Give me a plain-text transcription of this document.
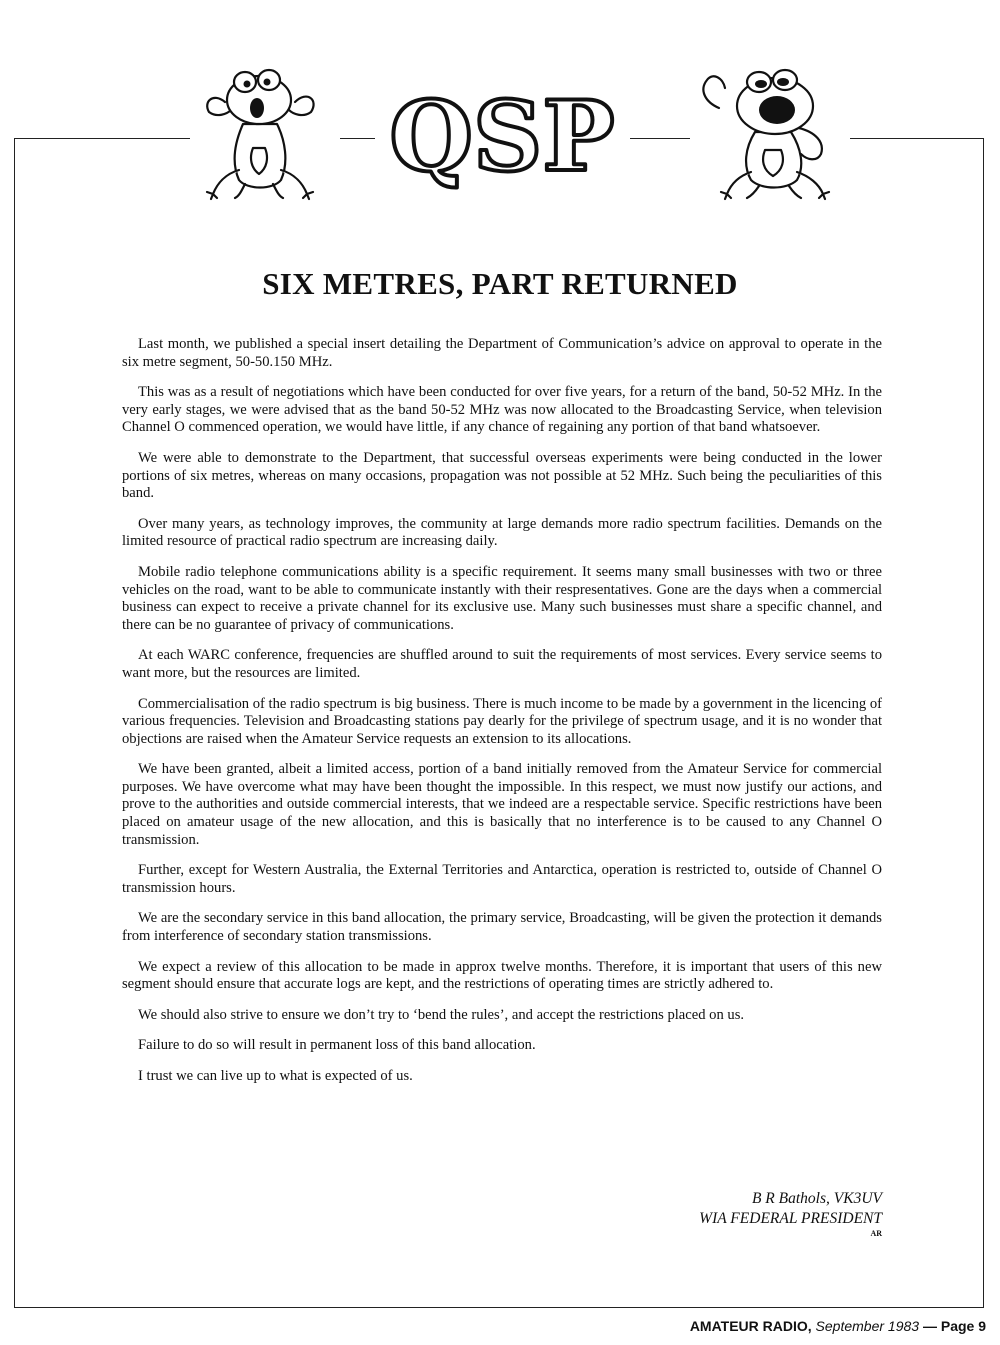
QSP
SIX METRES, PART RETURNED

Last month, we published a special insert detailing the Department of Communication’s advice on approval to operate in the six metre segment, 50-50.150 MHz.

This was as a result of negotiations which have been conducted for over five years, for a return of the band, 50-52 MHz. In the very early stages, we were advised that as the band 50-52 MHz was now allocated to the Broadcasting Service, when television Channel O commenced operation, we would have little, if any chance of regaining any portion of that band whatsoever.

We were able to demonstrate to the Department, that successful overseas experiments were being conducted in the lower portions of six metres, whereas on many occasions, propagation was not possible at 52 MHz. Such being the peculiarities of this band.

Over many years, as technology improves, the community at large demands more radio spectrum facilities. Demands on the limited resource of practical radio spectrum are increasing daily.

Mobile radio telephone communications ability is a specific requirement. It seems many small businesses with two or three vehicles on the road, want to be able to communicate instantly with their respresentatives. Gone are the days when a commercial business can expect to receive a private channel for its exclusive use. Many such businesses must share a specific channel, and there can be no guarantee of privacy of communications.

At each WARC conference, frequencies are shuffled around to suit the requirements of most services. Every service seems to want more, but the resources are limited.

Commercialisation of the radio spectrum is big business. There is much income to be made by a government in the licencing of various frequencies. Television and Broadcasting stations pay dearly for the privilege of spectrum usage, and it is no wonder that objections are raised when the Amateur Service requests an extension to its allocations.

We have been granted, albeit a limited access, portion of a band initially removed from the Amateur Service for commercial purposes. We have overcome what may have been thought the impossible. In this respect, we must now justify our actions, and prove to the authorities and outside commercial interests, that we indeed are a respectable service. Specific restrictions have been placed on amateur usage of the new allocation, and this is basically that no interference is to be caused to any Channel O transmission.

Further, except for Western Australia, the External Territories and Antarctica, operation is restricted to, outside of Channel O transmission hours.

We are the secondary service in this band allocation, the primary service, Broadcasting, will be given the protection it demands from interference of secondary station transmissions.

We expect a review of this allocation to be made in approx twelve months. Therefore, it is important that users of this new segment should ensure that accurate logs are kept, and the restrictions of operating times are strictly adhered to.

We should also strive to ensure we don’t try to ‘bend the rules’, and accept the restrictions placed on us.

Failure to do so will result in permanent loss of this band allocation.

I trust we can live up to what is expected of us.

B R Bathols, VK3UV
WIA FEDERAL PRESIDENT
AR
AMATEUR RADIO, September 1983 — Page 9
